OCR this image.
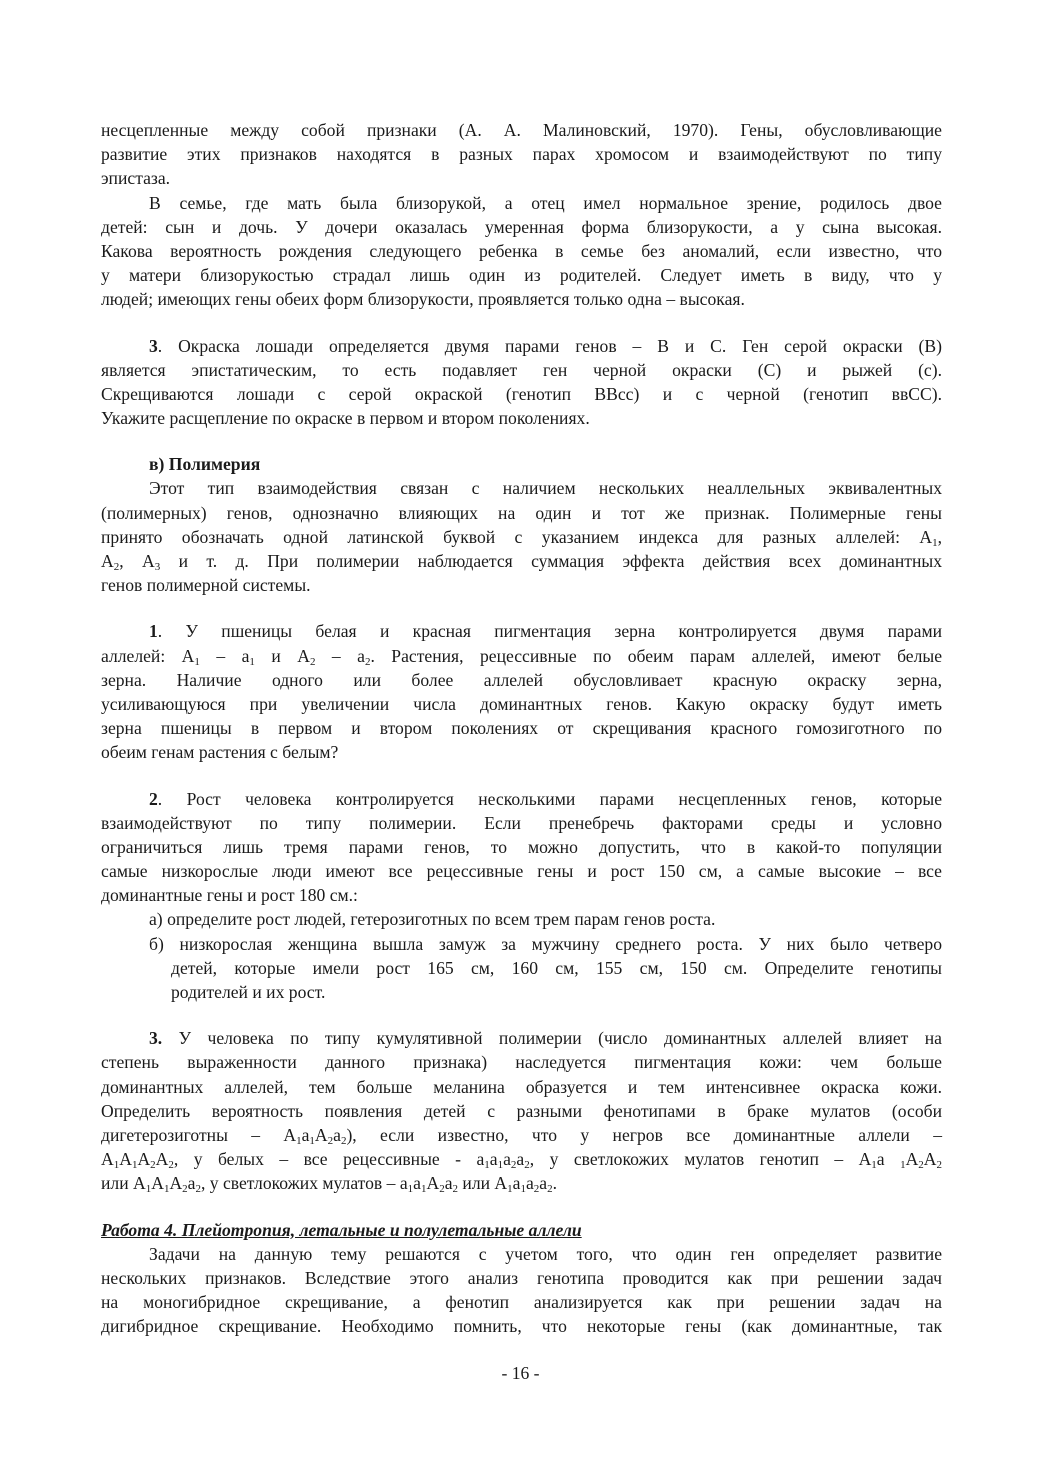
несцепленные между собой признаки (А. А. Малиновский, 1970). Гены, обусловливающие
развитие этих признаков находятся в разных парах хромосом и взаимодействуют по типу
эпистаза.
В семье, где мать была близорукой, а отец имел нормальное зрение, родилось двое
детей: сын и дочь. У дочери оказалась умеренная форма близорукости, а у сына высокая.
Какова вероятность рождения следующего ребенка в семье без аномалий, если известно, что
у матери близорукостью страдал лишь один из родителей. Следует иметь в виду, что у
людей; имеющих гены обеих форм близорукости, проявляется только одна – высокая.
3. Окраска лошади определяется двумя парами генов – В и С. Ген серой окраски (В)
является эпистатическим, то есть подавляет ген черной окраски (С) и рыжей (с).
Скрещиваются лошади с серой окраской (генотип ВВсс) и с черной (генотип ввСС).
Укажите расщепление по окраске в первом и втором поколениях.
в) Полимерия
Этот тип взаимодействия связан с наличием нескольких неаллельных эквивалентных
(полимерных) генов, однозначно влияющих на один и тот же признак. Полимерные гены
принято обозначать одной латинской буквой с указанием индекса для разных аллелей: $А_1$,
$А_2$, $А_3$ и т. д. При полимерии наблюдается суммация эффекта действия всех доминантных
генов полимерной системы.
1. У пшеницы белая и красная пигментация зерна контролируется двумя парами
аллелей: $А_1 - а_1$ и $А_2 - а_2$. Растения, рецессивные по обеим парам аллелей, имеют белые
зерна. Наличие одного или более аллелей обусловливает красную окраску зерна,
усиливающуюся при увеличении числа доминантных генов. Какую окраску будут иметь
зерна пшеницы в первом и втором поколениях от скрещивания красного гомозиготного по
обеим генам растения с белым?
2. Рост человека контролируется несколькими парами несцепленных генов, которые
взаимодействуют по типу полимерии. Если пренебречь факторами среды и условно
ограничиться лишь тремя парами генов, то можно допустить, что в какой-то популяции
самые низкорослые люди имеют все рецессивные гены и рост 150 см, а самые высокие – все
доминантные гены и рост 180 см.:
а) определите рост людей, гетерозиготных по всем трем парам генов роста.
б) низкорослая женщина вышла замуж за мужчину среднего роста. У них было четверо
детей, которые имели рост 165 см, 160 см, 155 см, 150 см. Определите генотипы
родителей и их рост.
3. У человека по типу кумулятивной полимерии (число доминантных аллелей влияет на
степень выраженности данного признака) наследуется пигментация кожи: чем больше
доминантных аллелей, тем больше меланина образуется и тем интенсивнее окраска кожи.
Определить вероятность появления детей с разными фенотипами в браке мулатов (особи
дигетерозиготны – $А_1а_1А_2а_2$), если известно, что у негров все доминантные аллели –
$А_1А_1А_2А_2$, у белых – все рецессивные - $а_1а_1а_2а_2$, у светлокожих мулатов генотип – $А_1а$ $_1А_2А_2$
или $А_1А_1А_2а_2$, у светлокожих мулатов – $а_1а_1А_2а_2$ или $А_1а_1а_2а_2$.
Работа 4. Плейотропия, летальные и полулетальные аллели
Задачи на данную тему решаются с учетом того, что один ген определяет развитие
нескольких признаков. Вследствие этого анализ генотипа проводится как при решении задач
на моногибридное скрещивание, а фенотип анализируется как при решении задач на
дигибридное скрещивание. Необходимо помнить, что некоторые гены (как доминантные, так
- 16 -
